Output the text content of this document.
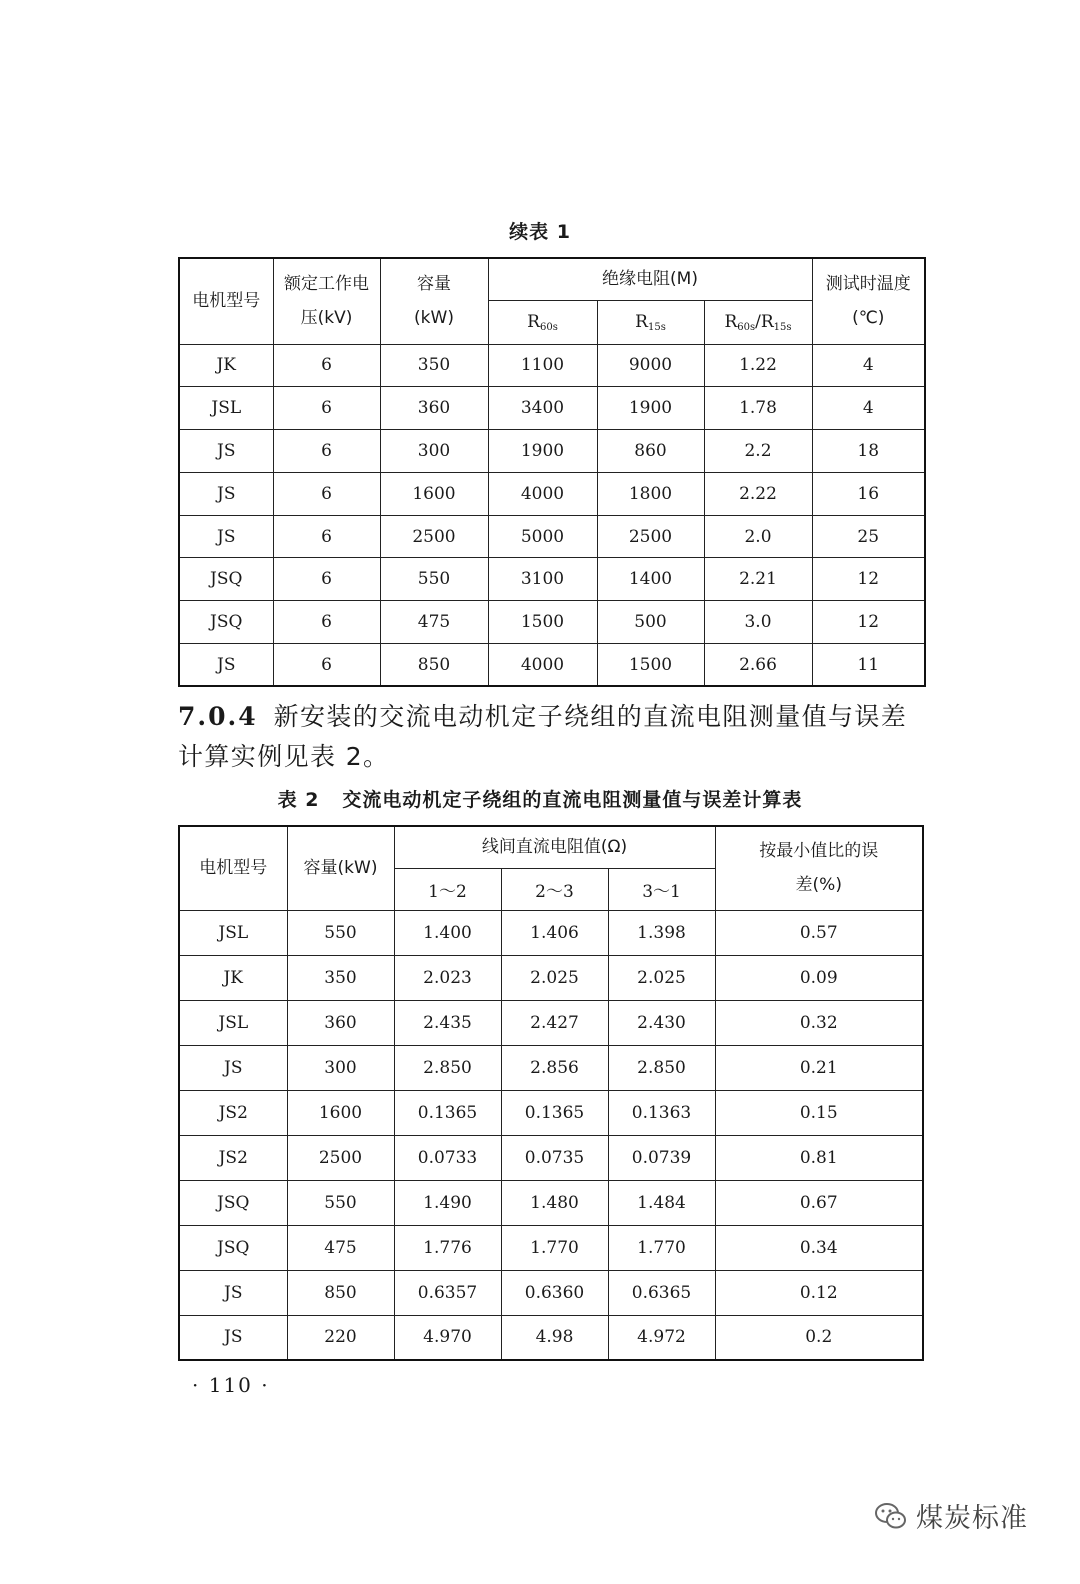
续表 1
电机型号	额定工作电压(kV)	容量(kW)	绝缘电阻(M)			测试时温度(℃)
			$R_{60s}$	$R_{15s}$	$R_{60s}/R_{15s}$
JK	6	350	1100	9000	1.22	4
JSL	6	360	3400	1900	1.78	4
JS	6	300	1900	860	2.2	18
JS	6	1600	4000	1800	2.22	16
JS	6	2500	5000	2500	2.0	25
JSQ	6	550	3100	1400	2.21	12
JSQ	6	475	1500	500	3.0	12
JS	6	850	4000	1500	2.66	11
7.0.4 新安装的交流电动机定子绕组的直流电阻测量值与误差
计算实例见表 2。
表 2   交流电动机定子绕组的直流电阻测量值与误差计算表
电机型号	容量(kW)	线间直流电阻值(Ω)			按最小值比的误差(%)
		1～2	2～3	3～1	
JSL	550	1.400	1.406	1.398	0.57
JK	350	2.023	2.025	2.025	0.09
JSL	360	2.435	2.427	2.430	0.32
JS	300	2.850	2.856	2.850	0.21
JS2	1600	0.1365	0.1365	0.1363	0.15
JS2	2500	0.0733	0.0735	0.0739	0.81
JSQ	550	1.490	1.480	1.484	0.67
JSQ	475	1.776	1.770	1.770	0.34
JS	850	0.6357	0.6360	0.6365	0.12
JS	220	4.970	4.98	4.972	0.2
· 110 ·
煤炭标准
